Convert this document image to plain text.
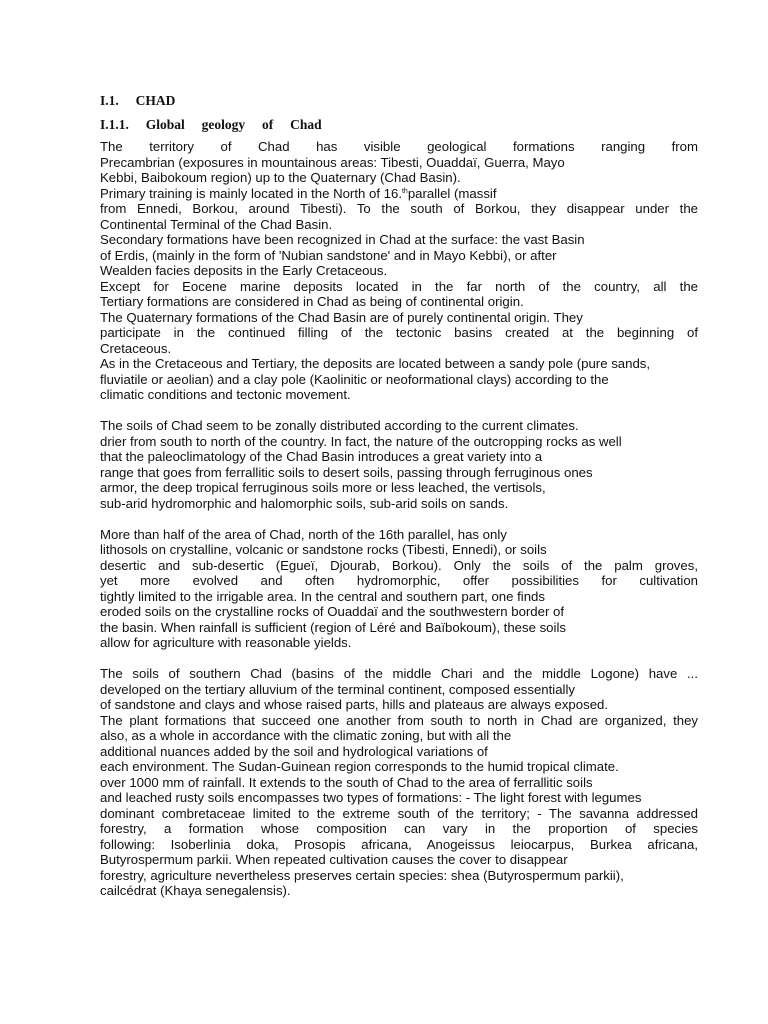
I.1.     CHAD
I.1.1.     Global     geology     of     Chad
The territory of Chad has visible geological formations ranging from
Precambrian (exposures in mountainous areas: Tibesti, Ouaddaï, Guerra, Mayo
Kebbi, Baibokoum region) up to the Quaternary (Chad Basin).
Primary training is mainly located in the North of 16.$^{th}$parallel (massif
from Ennedi, Borkou, around Tibesti). To the south of Borkou, they disappear under the
Continental Terminal of the Chad Basin.
Secondary formations have been recognized in Chad at the surface: the vast Basin
of Erdis, (mainly in the form of 'Nubian sandstone' and in Mayo Kebbi), or after
Wealden facies deposits in the Early Cretaceous.
Except for Eocene marine deposits located in the far north of the country, all the
Tertiary formations are considered in Chad as being of continental origin.
The Quaternary formations of the Chad Basin are of purely continental origin. They
participate in the continued filling of the tectonic basins created at the beginning of
Cretaceous.
As in the Cretaceous and Tertiary, the deposits are located between a sandy pole (pure sands,
fluviatile or aeolian) and a clay pole (Kaolinitic or neoformational clays) according to the
climatic conditions and tectonic movement.
The soils of Chad seem to be zonally distributed according to the current climates.
drier from south to north of the country. In fact, the nature of the outcropping rocks as well
that the paleoclimatology of the Chad Basin introduces a great variety into a
range that goes from ferrallitic soils to desert soils, passing through ferruginous ones
armor, the deep tropical ferruginous soils more or less leached, the vertisols,
sub-arid hydromorphic and halomorphic soils, sub-arid soils on sands.
More than half of the area of Chad, north of the 16th parallel, has only
lithosols on crystalline, volcanic or sandstone rocks (Tibesti, Ennedi), or soils
desertic and sub-desertic (Egueï, Djourab, Borkou). Only the soils of the palm groves,
yet more evolved and often hydromorphic, offer possibilities for cultivation
tightly limited to the irrigable area. In the central and southern part, one finds
eroded soils on the crystalline rocks of Ouaddaï and the southwestern border of
the basin. When rainfall is sufficient (region of Léré and Baïbokoum), these soils
allow for agriculture with reasonable yields.
The soils of southern Chad (basins of the middle Chari and the middle Logone) have ...
developed on the tertiary alluvium of the terminal continent, composed essentially
of sandstone and clays and whose raised parts, hills and plateaus are always exposed.
The plant formations that succeed one another from south to north in Chad are organized, they
also, as a whole in accordance with the climatic zoning, but with all the
additional nuances added by the soil and hydrological variations of
each environment. The Sudan-Guinean region corresponds to the humid tropical climate.
over 1000 mm of rainfall. It extends to the south of Chad to the area of ferrallitic soils
and leached rusty soils encompasses two types of formations: - The light forest with legumes
dominant combretaceae limited to the extreme south of the territory; - The savanna addressed
forestry, a formation whose composition can vary in the proportion of species
following: Isoberlinia doka, Prosopis africana, Anogeissus leiocarpus, Burkea africana,
Butyrospermum parkii. When repeated cultivation causes the cover to disappear
forestry, agriculture nevertheless preserves certain species: shea (Butyrospermum parkii),
cailcédrat (Khaya senegalensis).
